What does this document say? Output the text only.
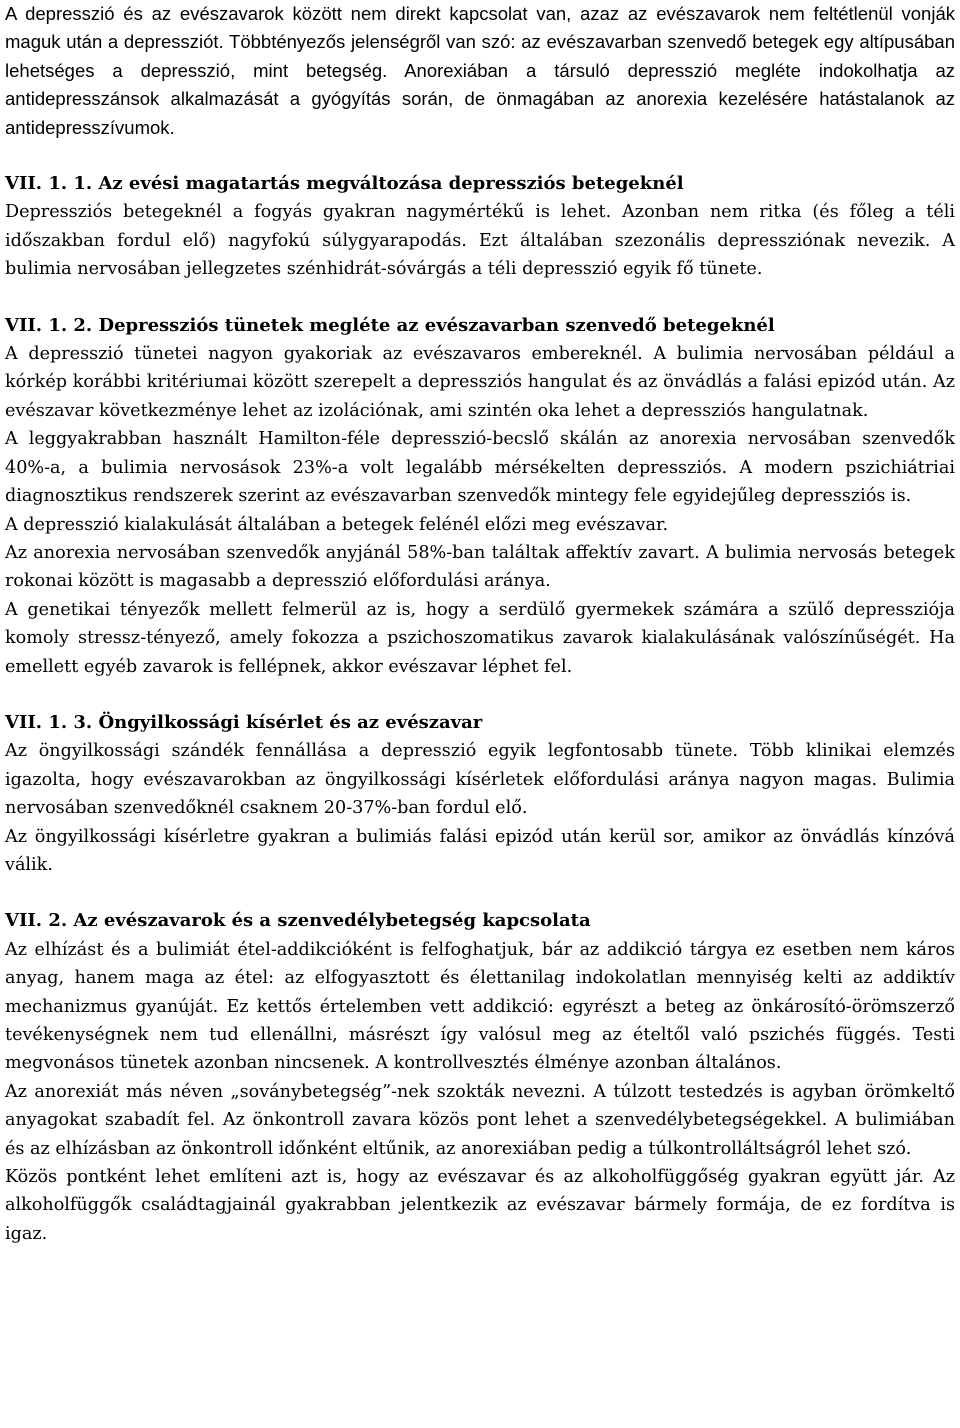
A depresszió és az evészavarok között nem direkt kapcsolat van, azaz az evészavarok nem feltétlenül vonják maguk után a depressziót. Többtényezős jelenségről van szó: az evészavarban szenvedő betegek egy altípusában lehetséges a depresszió, mint betegség. Anorexiában a társuló depresszió megléte indokolhatja az antidepresszánsok alkalmazását a gyógyítás során, de önmagában az anorexia kezelésére hatástalanok az antidepresszívumok.

VII. 1. 1. Az evési magatartás megváltozása depressziós betegeknél

Depressziós betegeknél a fogyás gyakran nagymértékű is lehet. Azonban nem ritka (és főleg a téli időszakban fordul elő) nagyfokú súlygyarapodás. Ezt általában szezonális depressziónak nevezik. A bulimia nervosában jellegzetes szénhidrát-sóvárgás a téli depresszió egyik fő tünete.

VII. 1. 2. Depressziós tünetek megléte az evészavarban szenvedő betegeknél

A depresszió tünetei nagyon gyakoriak az evészavaros embereknél. A bulimia nervosában például a kórkép korábbi kritériumai között szerepelt a depressziós hangulat és az önvádlás a falási epizód után. Az evészavar következménye lehet az izolációnak, ami szintén oka lehet a depressziós hangulatnak.

A leggyakrabban használt Hamilton-féle depresszió-becslő skálán az anorexia nervosában szenvedők 40%-a, a bulimia nervosások 23%-a volt legalább mérsékelten depressziós. A modern pszichiátriai diagnosztikus rendszerek szerint az evészavarban szenvedők mintegy fele egyidejűleg depressziós is.

A depresszió kialakulását általában a betegek felénél előzi meg evészavar.

Az anorexia nervosában szenvedők anyjánál 58%-ban találtak affektív zavart. A bulimia nervosás betegek rokonai között is magasabb a depresszió előfordulási aránya.

A genetikai tényezők mellett felmerül az is, hogy a serdülő gyermekek számára a szülő depressziója komoly stressz-tényező, amely fokozza a pszichoszomatikus zavarok kialakulásának valószínűségét. Ha emellett egyéb zavarok is fellépnek, akkor evészavar léphet fel.

VII. 1. 3. Öngyilkossági kísérlet és az evészavar

Az öngyilkossági szándék fennállása a depresszió egyik legfontosabb tünete. Több klinikai elemzés igazolta, hogy evészavarokban az öngyilkossági kísérletek előfordulási aránya nagyon magas. Bulimia nervosában szenvedőknél csaknem 20-37%-ban fordul elő.

Az öngyilkossági kísérletre gyakran a bulimiás falási epizód után kerül sor, amikor az önvádlás kínzóvá válik.

VII. 2. Az evészavarok és a szenvedélybetegség kapcsolata

Az elhízást és a bulimiát étel-addikcióként is felfoghatjuk, bár az addikció tárgya ez esetben nem káros anyag, hanem maga az étel: az elfogyasztott és élettanilag indokolatlan mennyiség kelti az addiktív mechanizmus gyanúját. Ez kettős értelemben vett addikció: egyrészt a beteg az önkárosító-örömszerző tevékenységnek nem tud ellenállni, másrészt így valósul meg az ételtől való pszichés függés. Testi megvonásos tünetek azonban nincsenek. A kontrollvesztés élménye azonban általános.

Az anorexiát más néven „soványbetegség”-nek szokták nevezni. A túlzott testedzés is agyban örömkeltő anyagokat szabadít fel. Az önkontroll zavara közös pont lehet a szenvedélybetegségekkel. A bulimiában és az elhízásban az önkontroll időnként eltűnik, az anorexiában pedig a túlkontrolláltságról lehet szó.

Közös pontként lehet említeni azt is, hogy az evészavar és az alkoholfüggőség gyakran együtt jár. Az alkoholfüggők családtagjainál gyakrabban jelentkezik az evészavar bármely formája, de ez fordítva is igaz.
